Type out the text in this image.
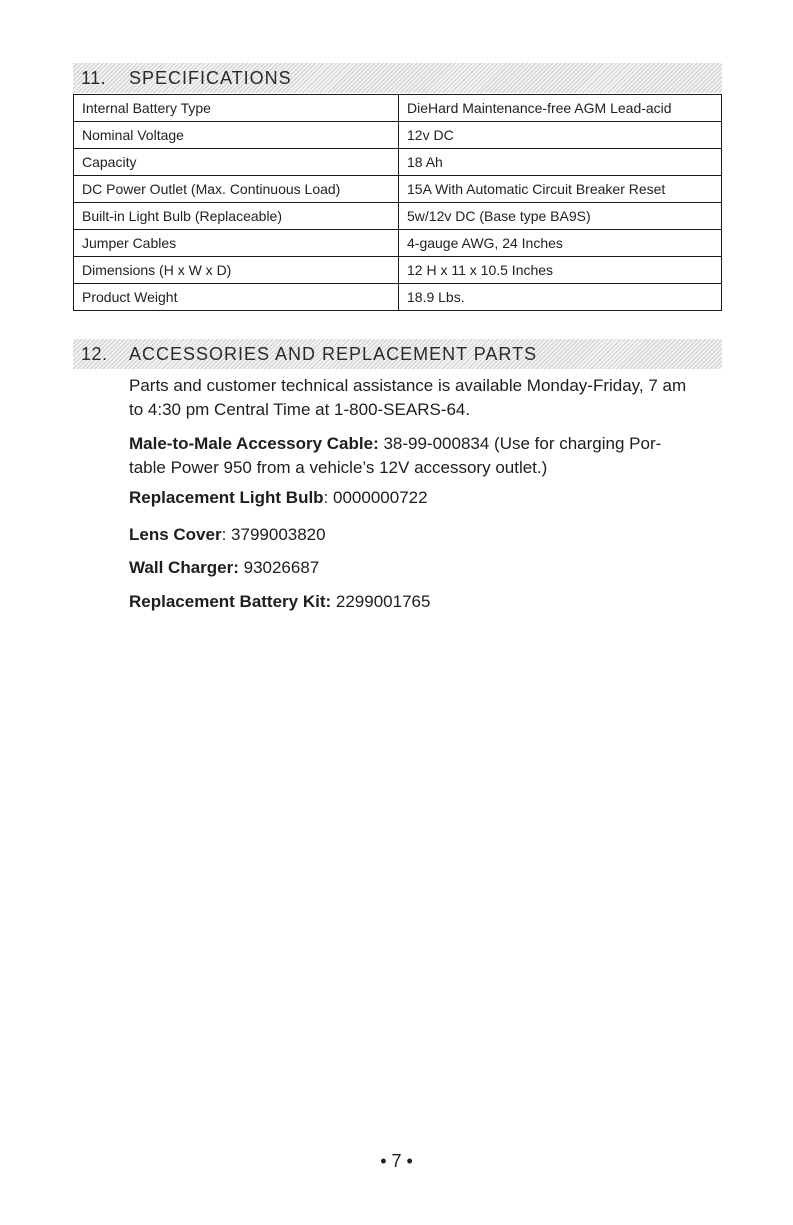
11.	SPECIFICATIONS
Internal Battery Type	DieHard Maintenance-free AGM Lead-acid
Nominal Voltage	12v DC
Capacity	18 Ah
DC Power Outlet (Max. Continuous Load)	15A With Automatic Circuit Breaker Reset
Built-in Light Bulb (Replaceable)	5w/12v DC (Base type BA9S)
Jumper Cables	4-gauge AWG, 24 Inches
Dimensions (H x W x D)	12 H x 11 x 10.5 Inches
Product Weight	18.9 Lbs.
12.	ACCESSORIES AND REPLACEMENT PARTS
Parts and customer technical assistance is available Monday-Friday, 7 am
to 4:30 pm Central Time at 1-800-SEARS-64.
Male-to-Male Accessory Cable: 38-99-000834 (Use for charging Por-
table Power 950 from a vehicle’s 12V accessory outlet.)
Replacement Light Bulb: 0000000722
Lens Cover: 3799003820
Wall Charger: 93026687
Replacement Battery Kit: 2299001765
• 7 •
